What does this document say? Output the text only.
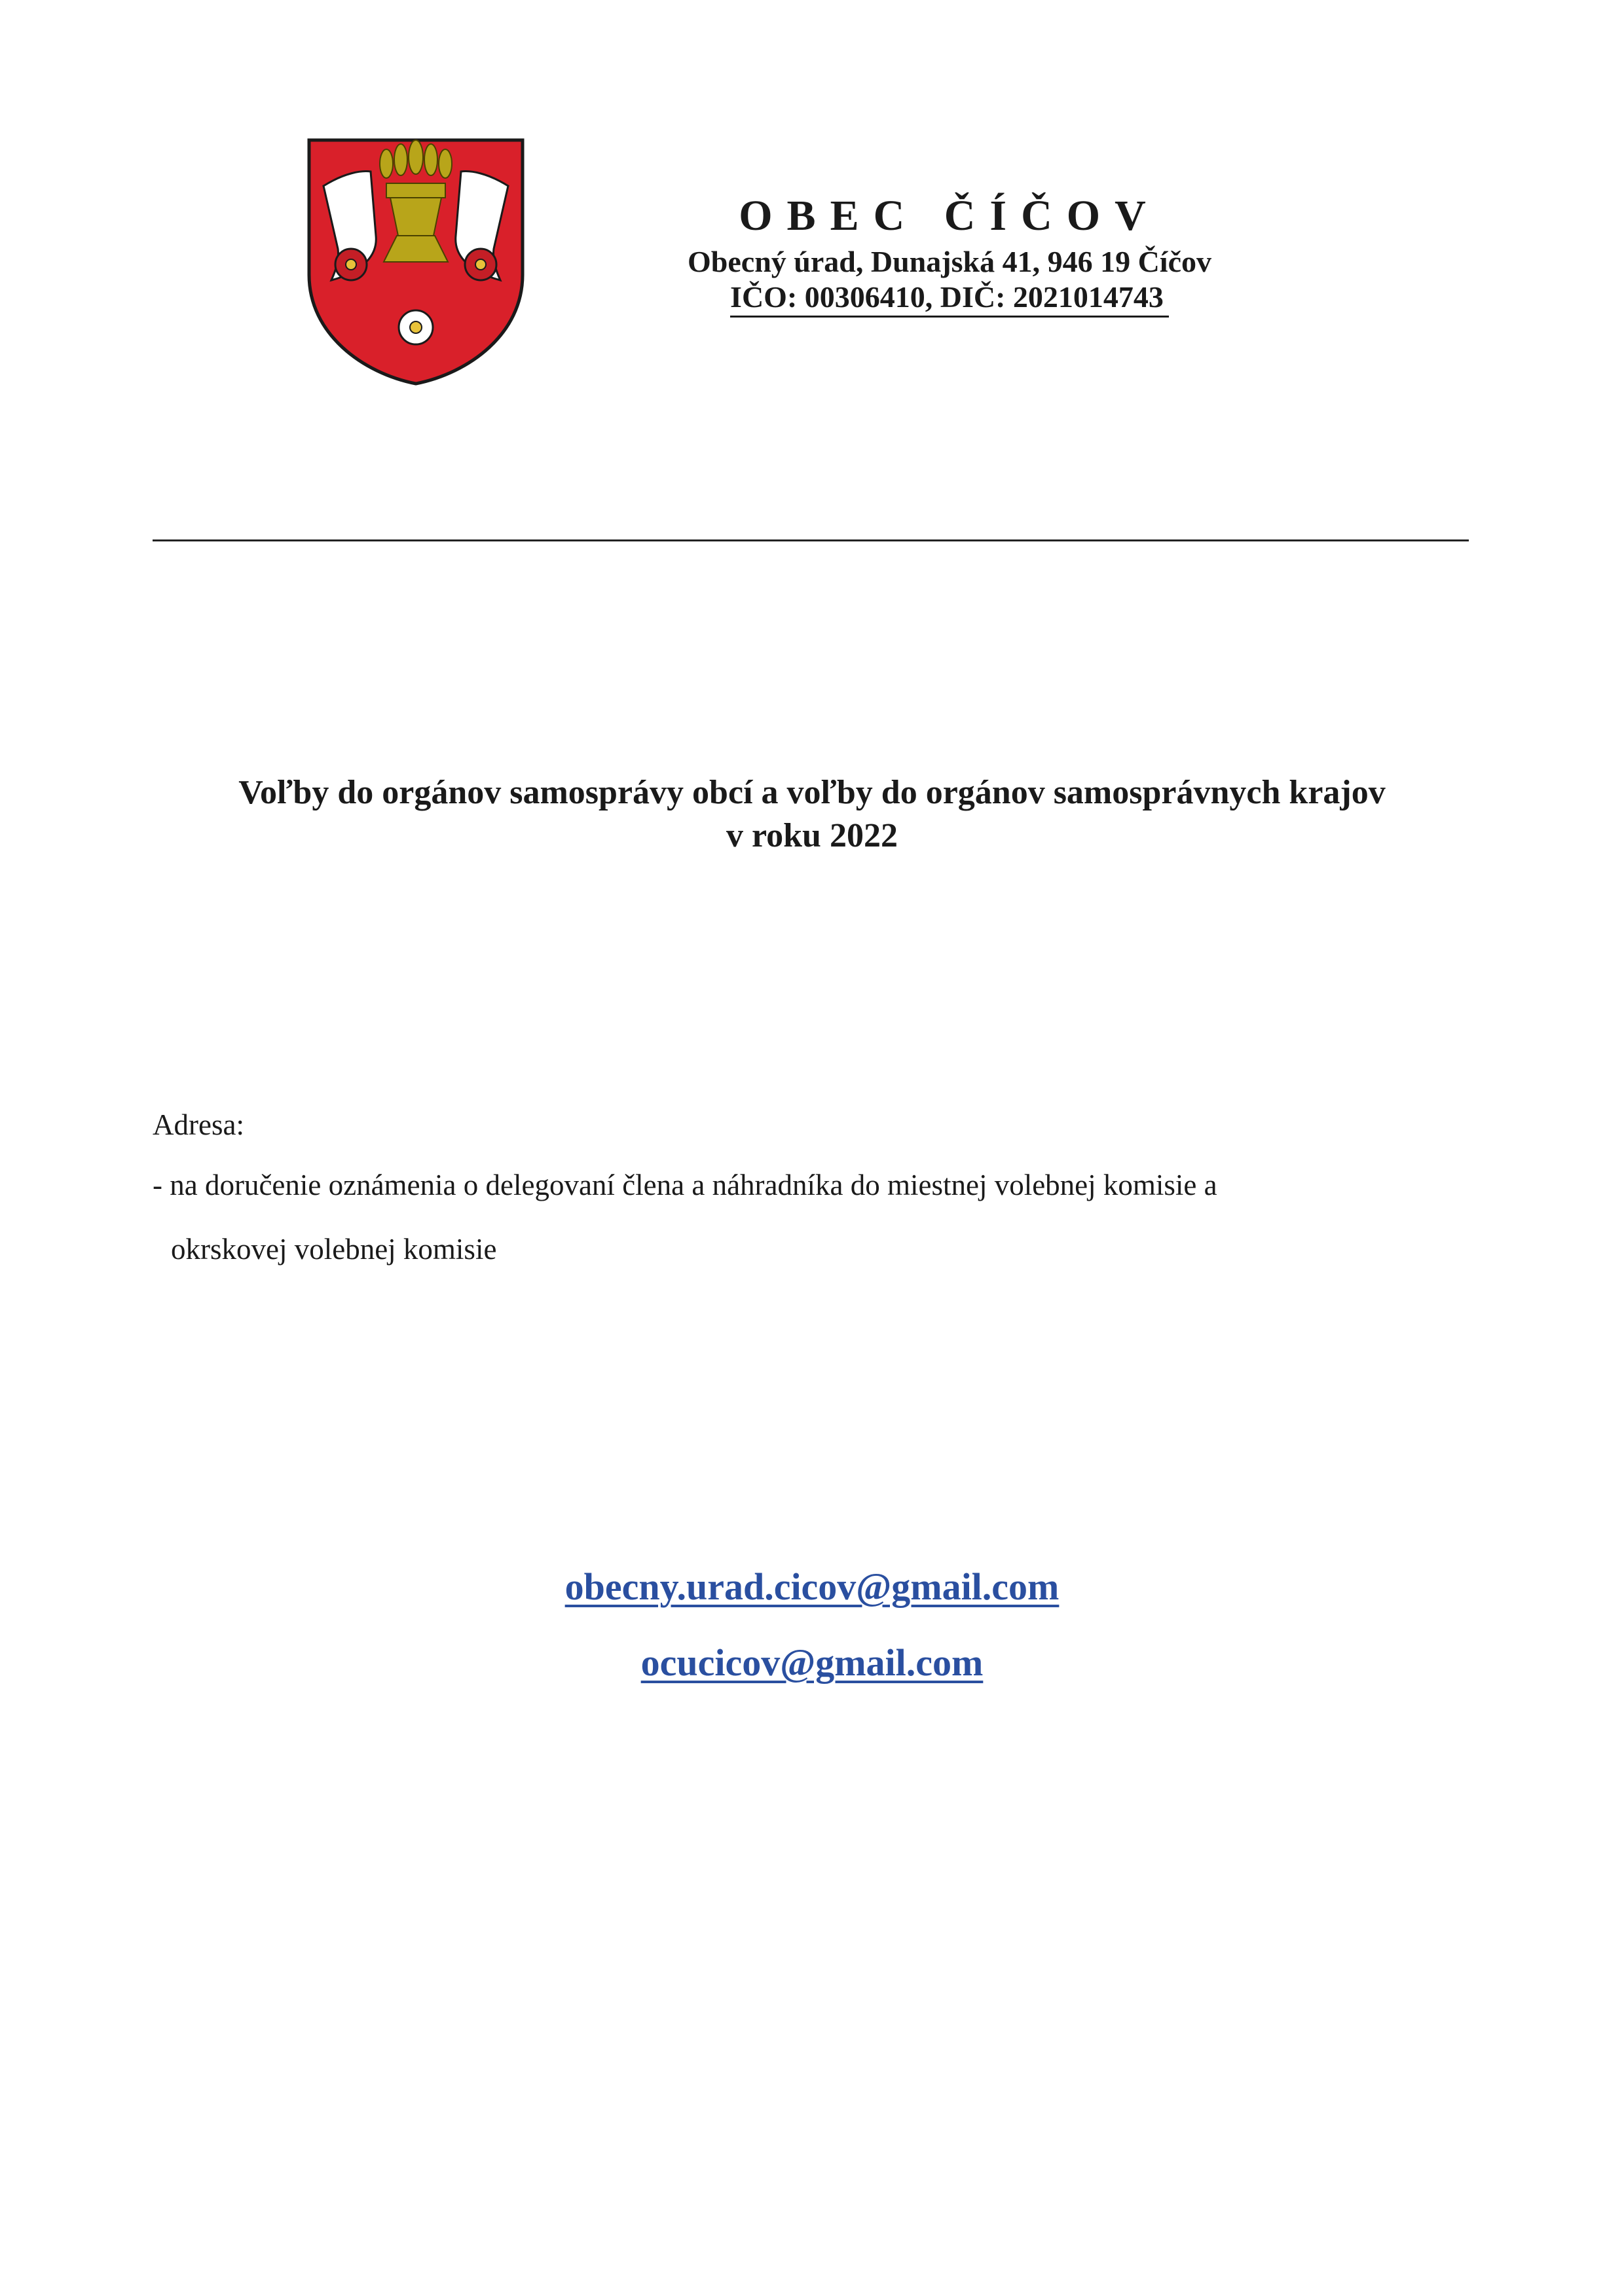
OBEC ČÍČOV

Obecný úrad, Dunajská 41, 946 19 Číčov

IČO: 00306410, DIČ: 2021014743

Voľby do orgánov samosprávy obcí a voľby do orgánov samosprávnych krajov
v roku 2022

Adresa:

- na doručenie oznámenia o delegovaní člena a náhradníka do miestnej volebnej komisie a

okrskovej volebnej komisie

obecny.urad.cicov@gmail.com

ocucicov@gmail.com
